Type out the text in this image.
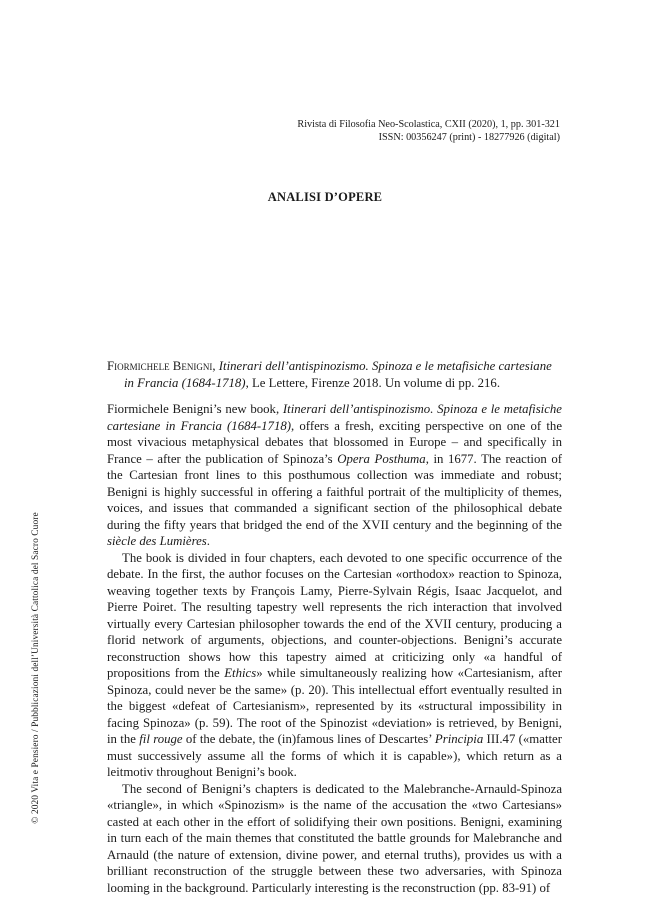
Rivista di Filosofia Neo-Scolastica, CXII (2020), 1, pp. 301-321
ISSN: 00356247 (print) - 18277926 (digital)
ANALISI D’OPERE
© 2020 Vita e Pensiero / Pubblicazioni dell’Università Cattolica del Sacro Cuore
Fiormichele Benigni, Itinerari dell’antispinozismo. Spinoza e le metafisiche cartesiane
in Francia (1684-1718), Le Lettere, Firenze 2018. Un volume di pp. 216.

Fiormichele Benigni’s new book, Itinerari dell’antispinozismo. Spinoza e le metafisiche cartesiane in Francia (1684-1718), offers a fresh, exciting perspective on one of the most vivacious metaphysical debates that blossomed in Europe – and specifically in France – after the publication of Spinoza’s Opera Posthuma, in 1677. The reaction of the Cartesian front lines to this posthumous collection was immediate and robust; Benigni is highly successful in offering a faithful portrait of the multiplicity of themes, voices, and issues that commanded a significant section of the philosophical debate during the fifty years that bridged the end of the XVII century and the beginning of the siècle des Lumières.

The book is divided in four chapters, each devoted to one specific occurrence of the debate. In the first, the author focuses on the Cartesian «orthodox» reaction to Spinoza, weaving together texts by François Lamy, Pierre-Sylvain Régis, Isaac Jacquelot, and Pierre Poiret. The resulting tapestry well represents the rich interaction that involved virtually every Cartesian philosopher towards the end of the XVII century, producing a florid network of arguments, objections, and counter-objections. Benigni’s accurate reconstruction shows how this tapestry aimed at criticizing only «a handful of propositions from the Ethics» while simultaneously realizing how «Cartesianism, after Spinoza, could never be the same» (p. 20). This intellectual effort eventually resulted in the biggest «defeat of Cartesianism», represented by its «structural impossibility in facing Spinoza» (p. 59). The root of the Spinozist «deviation» is retrieved, by Benigni, in the fil rouge of the debate, the (in)famous lines of Descartes’ Principia III.47 («matter must successively assume all the forms of which it is capable»), which return as a leitmotiv throughout Benigni’s book.

The second of Benigni’s chapters is dedicated to the Malebranche-Arnauld-Spinoza «triangle», in which «Spinozism» is the name of the accusation the «two Cartesians» casted at each other in the effort of solidifying their own positions. Benigni, examining in turn each of the main themes that constituted the battle grounds for Malebranche and Arnauld (the nature of extension, divine power, and eternal truths), provides us with a brilliant reconstruction of the struggle between these two adversaries, with Spinoza looming in the background. Particularly interesting is the reconstruction (pp. 83-91) of
